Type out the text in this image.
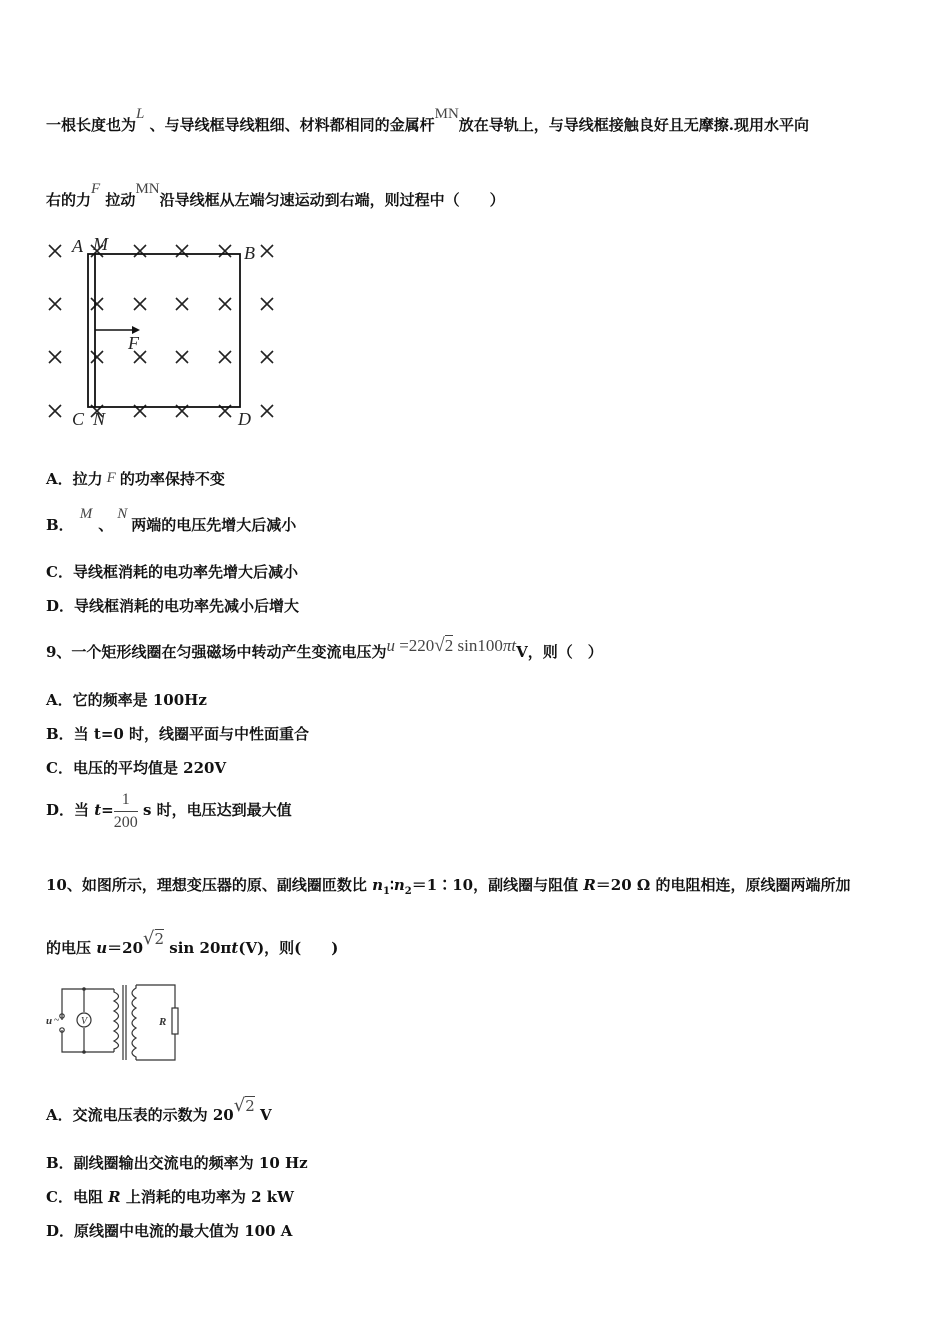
一根长度也为L 、与导线框导线粗细、材料都相同的金属杆MN放在导轨上，与导线框接触良好且无摩擦.现用水平向
右的力F 拉动MN沿导线框从左端匀速运动到右端，则过程中（　　）
A M	B
F
C N	D
A．拉力 F 的功率保持不变
B．M、N两端的电压先增大后减小
C．导线框消耗的电功率先增大后减小
D．导线框消耗的电功率先减小后增大
9、一个矩形线圈在匀强磁场中转动产生变流电压为u =220√2 sin100πtV，则（　）
A．它的频率是 100Hz
B．当 t=0 时，线圈平面与中性面重合
C．电压的平均值是 220V
D．当 $t= \frac{1}{200}$ s 时，电压达到最大值
10、如图所示，理想变压器的原、副线圈匝数比 $n_1∶n_2=1∶10$，副线圈与阻值 R＝20 Ω 的电阻相连，原线圈两端所加
的电压 u＝20√2 sin 20πt(V)，则(　　)
V
u ~	R
A．交流电压表的示数为 20√2 V
B．副线圈输出交流电的频率为 10 Hz
C．电阻 R 上消耗的电功率为 2 kW
D．原线圈中电流的最大值为 100 A
